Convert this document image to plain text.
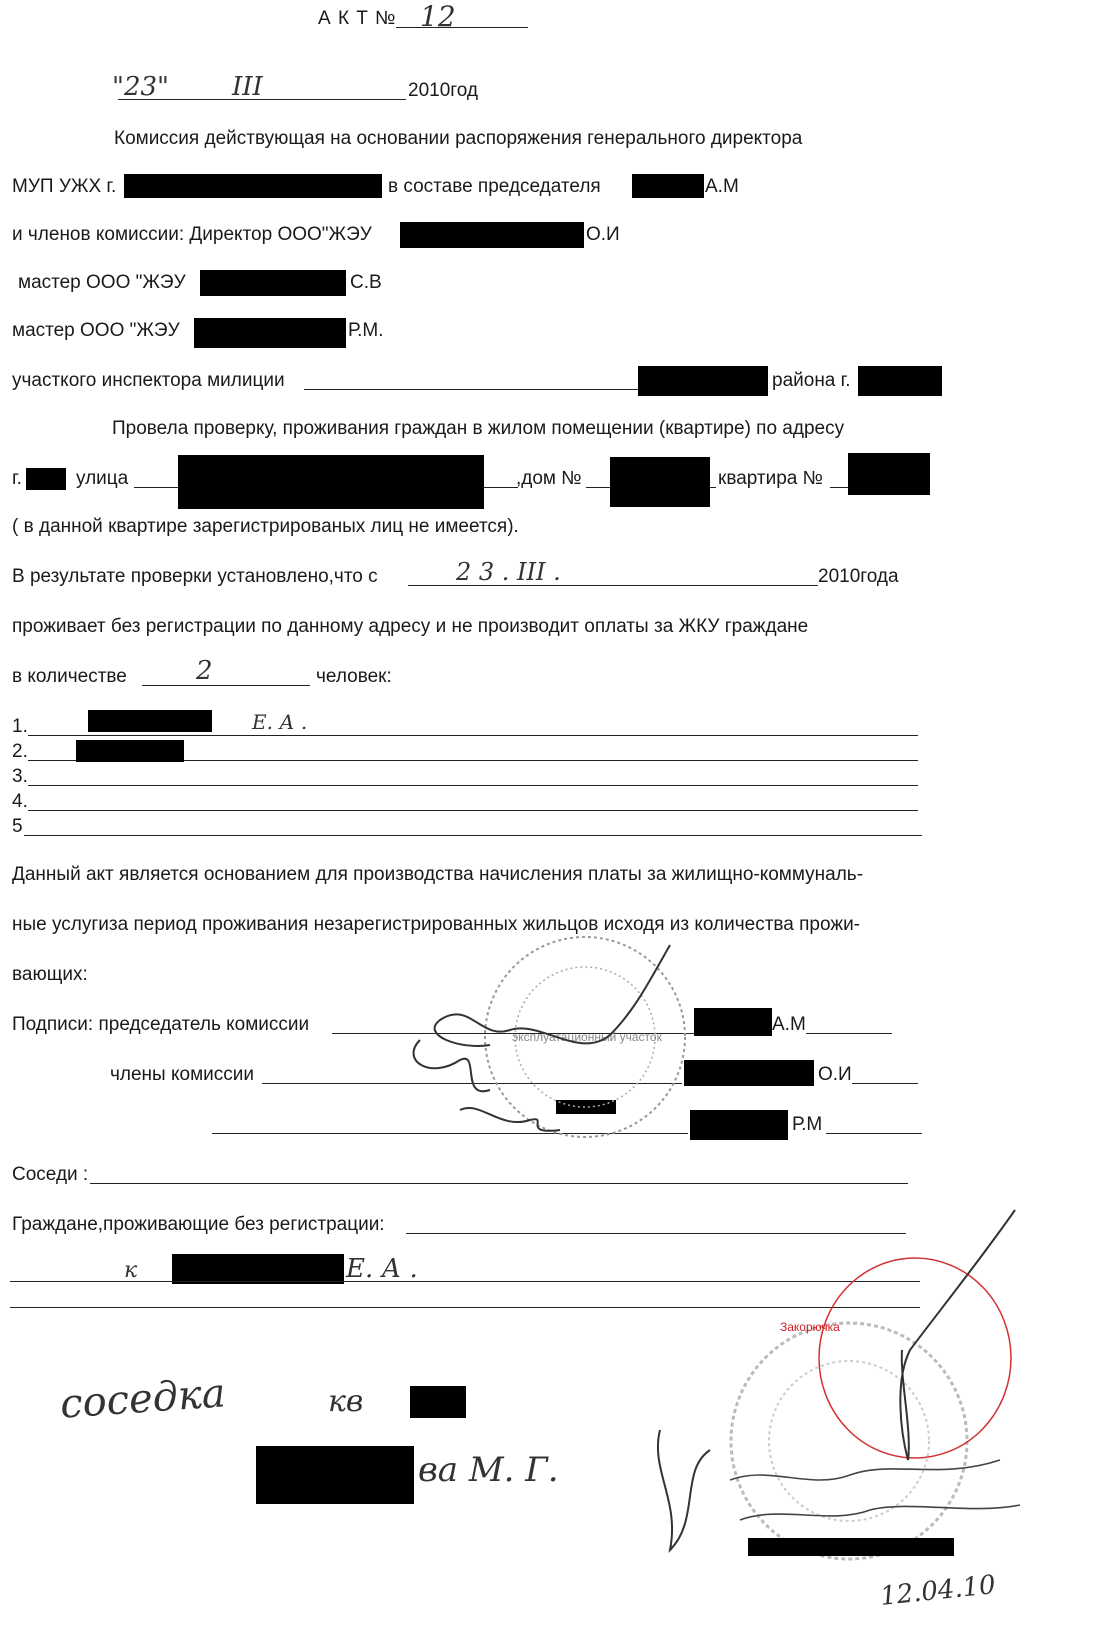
А К Т № 12
"23" III	2010год
Комиссия действующая на основании распоряжения генерального директора
МУП УЖХ г.	в составе председателя	А.М
и членов комиссии: Директор ООО"ЖЭУ	О.И
мастер ООО "ЖЭУ	С.В
мастер ООО "ЖЭУ	Р.М.
участкого инспектора милиции	района г.
Провела проверку, проживания граждан в жилом помещении (квартире) по адресу
г.	улица	,дом №	квартира №
( в данной квартире зарегистрированых лиц не имеется).
В результате проверки установлено,что с	2 3 . III .	2010года
проживает без регистрации по данному адресу и не производит оплаты за ЖКУ граждане
в количестве	2	человек:
1.	Е. А .
2.
3.
4.
5
Данный акт является основанием для производства начисления платы за жилищно-коммуналь-
ные услугиза период проживания незарегистрированных жильцов исходя из количества прожи-
вающих:
Подписи: председатель комиссии	А.М
члены комиссии	О.И
Р.М
Соседи :
Граждане,проживающие без регистрации:
к	Е. А .
соседка	кв
ва М. Г.
эксплуатационный участок
Закорючка
12.04.10
